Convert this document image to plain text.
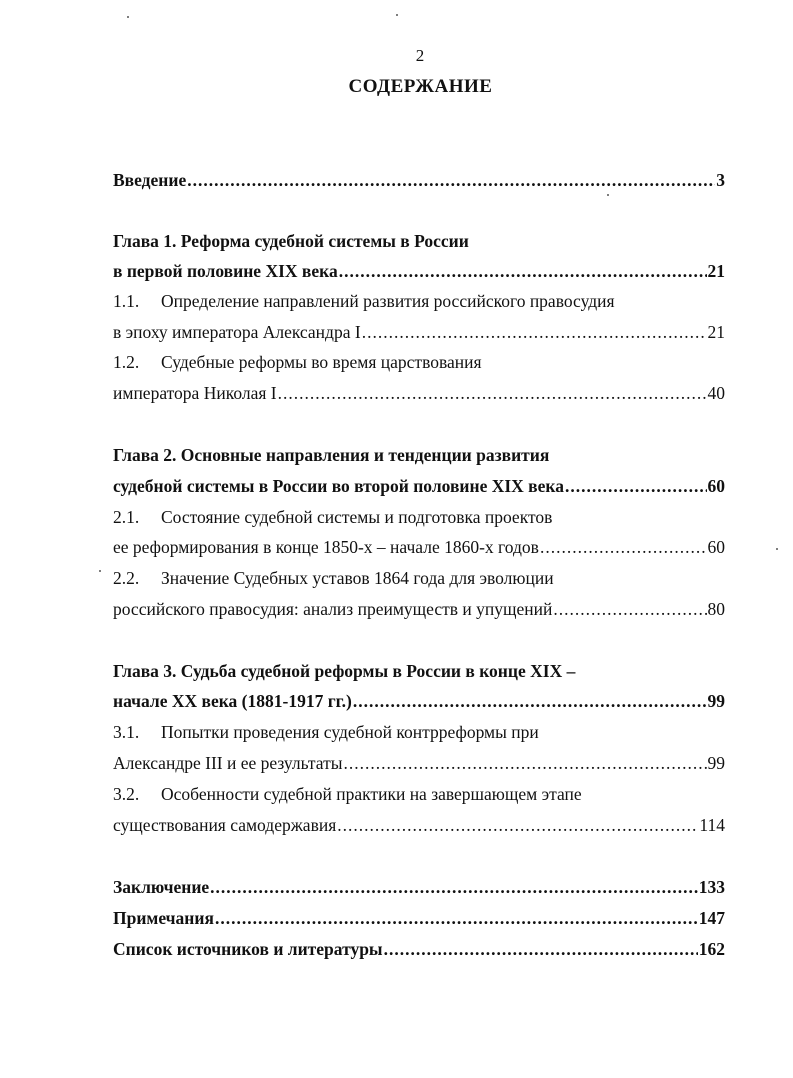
2
СОДЕРЖАНИЕ
Введение .....	3
Глава 1. Реформа судебной системы в России
в первой половине XIX века .....	21
1.1. Определение направлений развития российского правосудия
в эпоху императора Александра I .....	21
1.2. Судебные реформы во время царствования
императора Николая I .....	40
Глава 2. Основные направления и тенденции развития
судебной системы в России во второй половине XIX века .....	60
2.1. Состояние судебной системы и подготовка проектов
ее реформирования в конце 1850-х – начале 1860-х годов .....	60
2.2. Значение Судебных уставов 1864 года для эволюции
российского правосудия: анализ преимуществ и упущений .....	80
Глава 3. Судьба судебной реформы в России в конце XIX –
начале XX века (1881-1917 гг.) .....	99
3.1. Попытки проведения судебной контрреформы при
Александре III и ее результаты .....	99
3.2. Особенности судебной практики на завершающем этапе
существования самодержавия .....	114
Заключение .....	133
Примечания .....	147
Список источников и литературы .....	162
